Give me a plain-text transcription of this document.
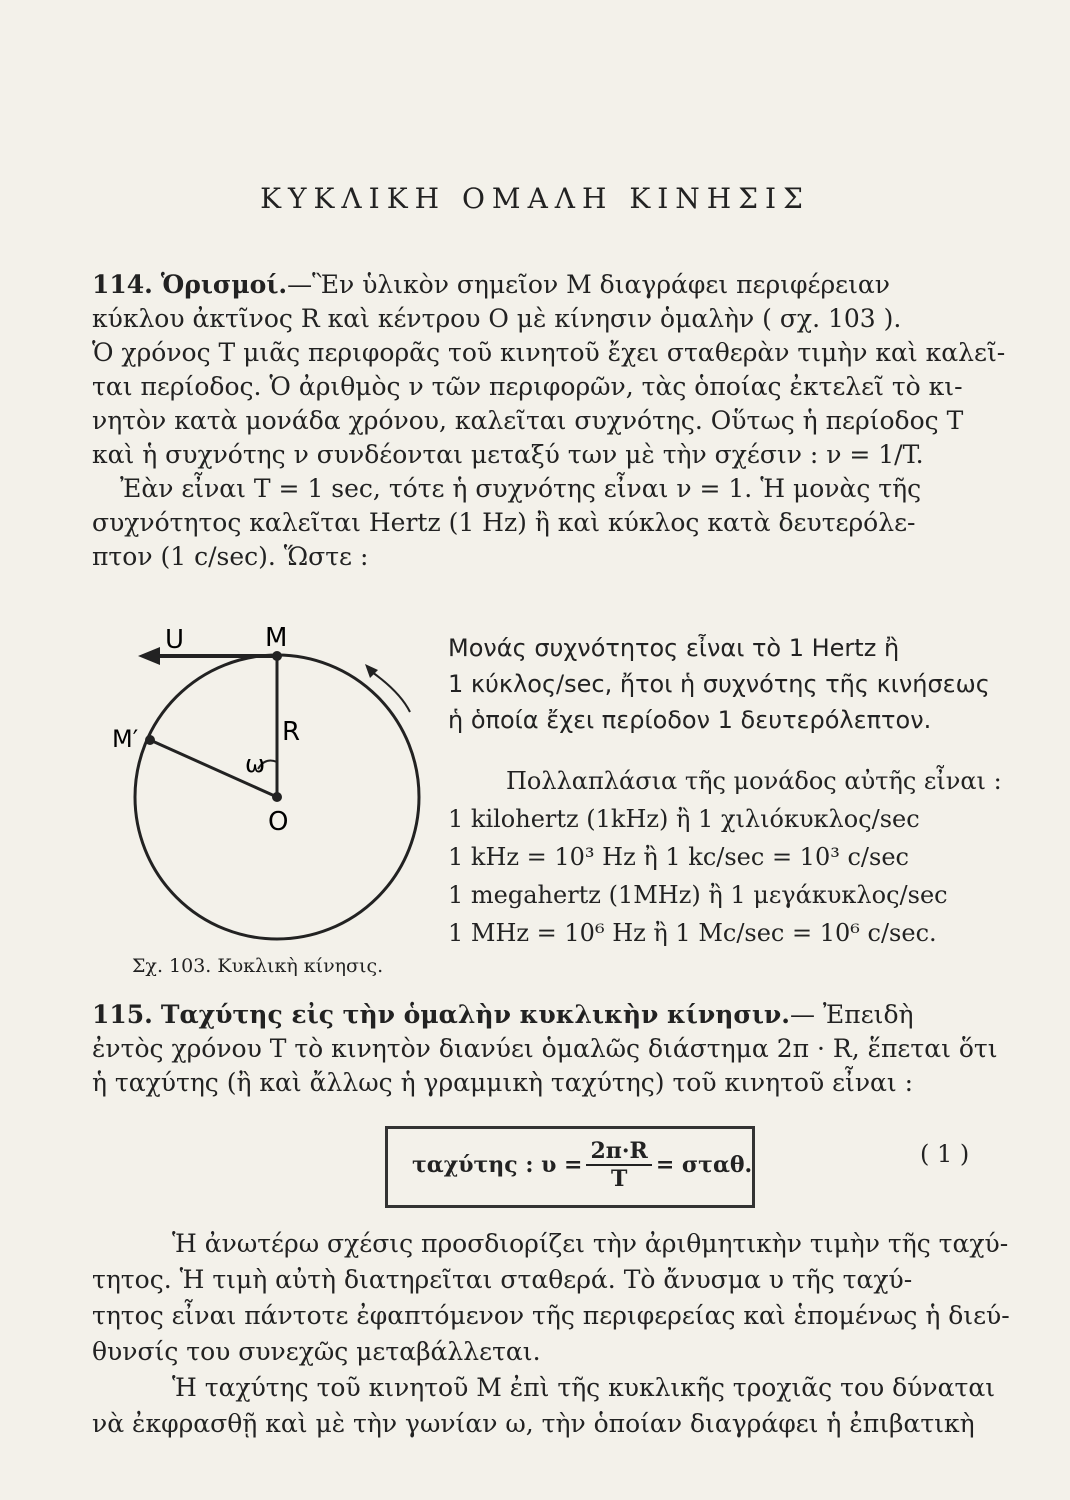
ΚΥΚΛΙΚΗ ΟΜΑΛΗ ΚΙΝΗΣΙΣ
114. Ὁρισμοί.—Ἓν ὑλικὸν σημεῖον Μ διαγράφει περιφέρειαν
κύκλου ἀκτῖνος R καὶ κέντρου Ο μὲ κίνησιν ὁμαλὴν ( σχ. 103 ).
Ὁ χρόνος T μιᾶς περιφορᾶς τοῦ κινητοῦ ἔχει σταθερὰν τιμὴν καὶ καλεῖ-
ται περίοδος. Ὁ ἀριθμὸς ν τῶν περιφορῶν, τὰς ὁποίας ἐκτελεῖ τὸ κι-
νητὸν κατὰ μονάδα χρόνου, καλεῖται συχνότης. Οὕτως ἡ περίοδος T
καὶ ἡ συχνότης ν συνδέονται μεταξύ των μὲ τὴν σχέσιν : ν = 1/T.
Ἐὰν εἶναι T = 1 sec, τότε ἡ συχνότης εἶναι ν = 1. Ἡ μονὰς τῆς
συχνότητος καλεῖται Hertz (1 Hz) ἢ καὶ κύκλος κατὰ δευτερόλε-
πτον (1 c/sec). Ὥστε :
U	M
M′	R
ω
O
Μονάς συχνότητος εἶναι τὸ 1 Hertz ἢ
1 κύκλος/sec, ἤτοι ἡ συχνότης τῆς κινήσεως
ἡ ὁποία ἔχει περίοδον 1 δευτερόλεπτον.
Πολλαπλάσια τῆς μονάδος αὐτῆς εἶναι :
1 kilohertz (1kHz) ἢ 1 χιλιόκυκλος/sec
1 kHz = 10³ Hz ἢ 1 kc/sec = 10³ c/sec
1 megahertz (1MHz) ἢ 1 μεγάκυκλος/sec
1 MHz = 10⁶ Hz ἢ 1 Mc/sec = 10⁶ c/sec.
Σχ. 103. Κυκλικὴ κίνησις.
115. Ταχύτης εἰς τὴν ὁμαλὴν κυκλικὴν κίνησιν.— Ἐπειδὴ
ἐντὸς χρόνου T τὸ κινητὸν διανύει ὁμαλῶς διάστημα 2π · R, ἕπεται ὅτι
ἡ ταχύτης (ἢ καὶ ἄλλως ἡ γραμμικὴ ταχύτης) τοῦ κινητοῦ εἶναι :
ταχύτης : $\upsilon = \frac{2\pi\cdot R}{T} = \sigma\tau\alpha\theta$.	( 1 )
Ἡ ἀνωτέρω σχέσις προσδιορίζει τὴν ἀριθμητικὴν τιμὴν τῆς ταχύ-
τητος. Ἡ τιμὴ αὐτὴ διατηρεῖται σταθερά. Τὸ ἄνυσμα υ τῆς ταχύ-
τητος εἶναι πάντοτε ἐφαπτόμενον τῆς περιφερείας καὶ ἑπομένως ἡ διεύ-
θυνσίς του συνεχῶς μεταβάλλεται.
Ἡ ταχύτης τοῦ κινητοῦ Μ ἐπὶ τῆς κυκλικῆς τροχιᾶς του δύναται
νὰ ἐκφρασθῇ καὶ μὲ τὴν γωνίαν ω, τὴν ὁποίαν διαγράφει ἡ ἐπιβατικὴ
